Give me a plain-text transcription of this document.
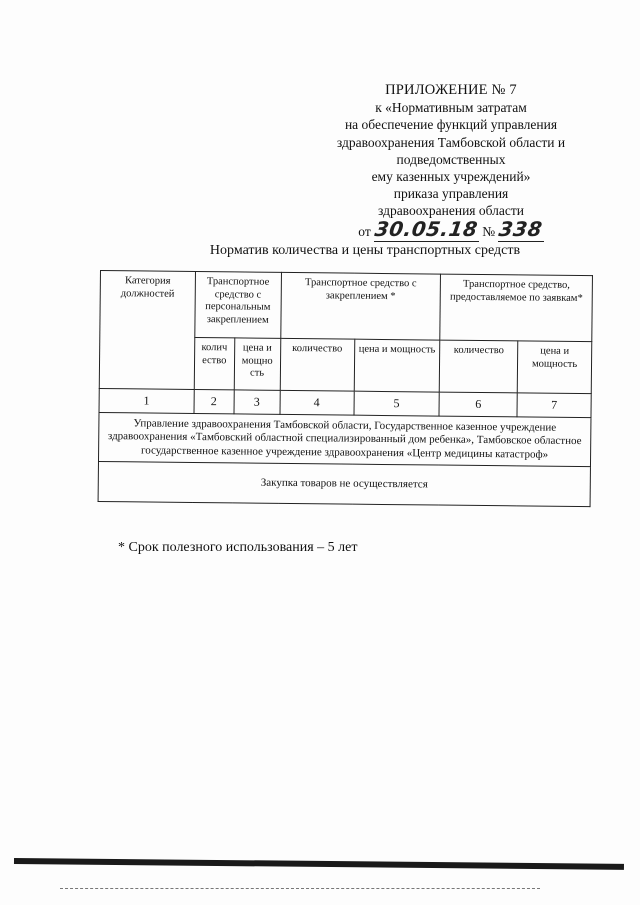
ПРИЛОЖЕНИЕ № 7
к «Нормативным затратам
на обеспечение функций управления
здравоохранения Тамбовской области и
подведомственных
ему казенных учреждений»
приказа управления
здравоохранения области
от 30.05.18 № 338
Норматив количества и цены транспортных средств
Категория должностей	Транспортное средство с персональным закреплением		Транспортное средство с закреплением *		Транспортное средство, предоставляемое по заявкам*	
	колич ество	цена и мощно сть	количество	цена и мощность	количество	цена и мощность
1	2	3	4	5	6	7
Управление здравоохранения Тамбовской области, Государственное казенное учреждение здравоохранения «Тамбовский областной специализированный дом ребенка», Тамбовское областное государственное казенное учреждение здравоохранения «Центр медицины катастроф»						
Закупка товаров не осуществляется						
* Срок полезного использования – 5 лет
